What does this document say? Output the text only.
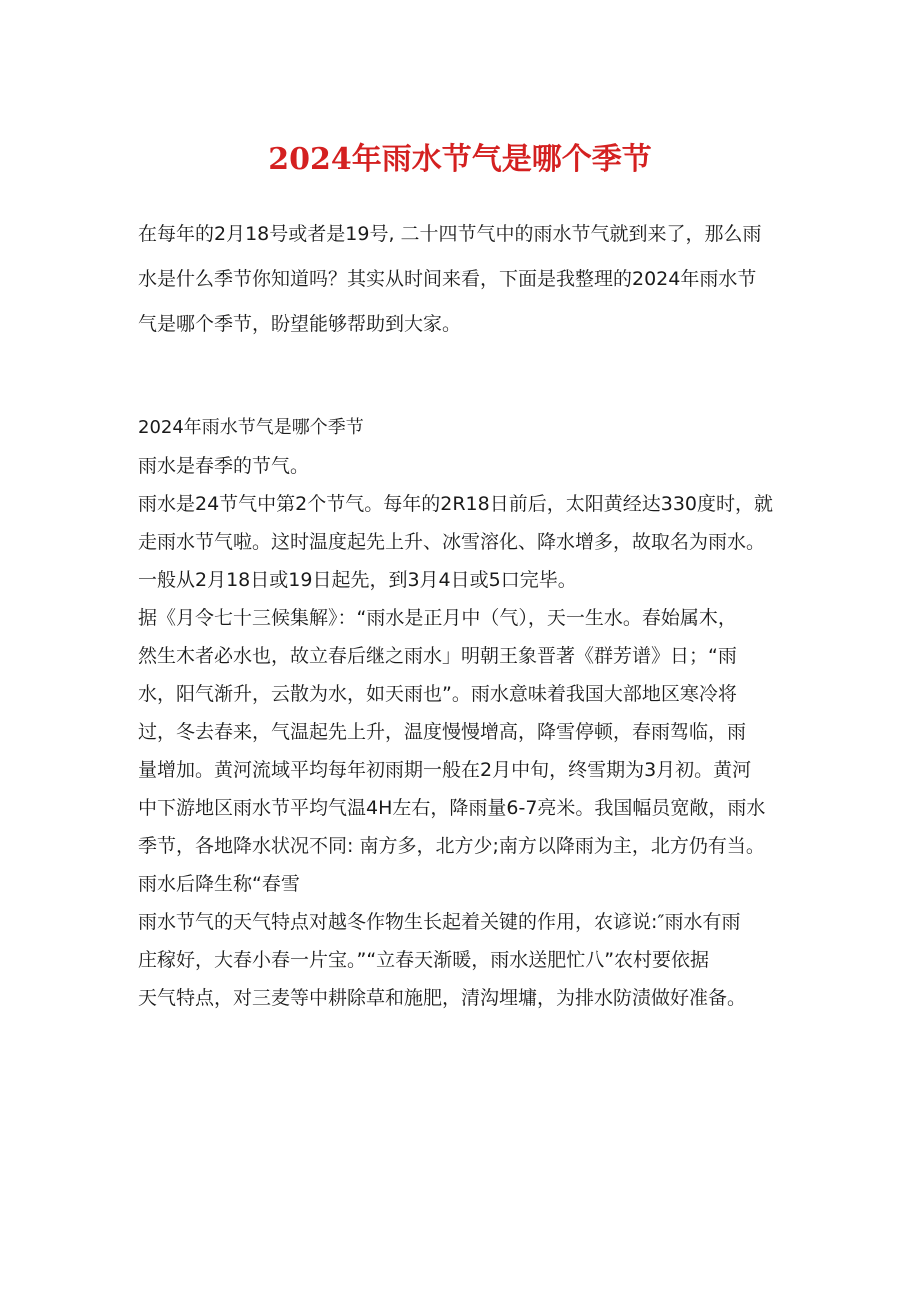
2024年雨水节气是哪个季节

在每年的2月18号或者是19号, 二十四节气中的雨水节气就到来了，那么雨

水是什么季节你知道吗？其实从时间来看，下面是我整理的2024年雨水节

气是哪个季节，盼望能够帮助到大家。

2024年雨水节气是哪个季节

雨水是春季的节气。

雨水是24节气中第2个节气。每年的2R18日前后，太阳黄经达330度时，就

走雨水节气啦。这时温度起先上升、冰雪溶化、降水增多，故取名为雨水。

一般从2月18日或19日起先，到3月4日或5口完毕。

据《月令七十三候集解》：“雨水是正月中（气），天一生水。春始属木，

然生木者必水也，故立春后继之雨水」明朝王象晋著《群芳谱》日；“雨

水，阳气渐升，云散为水，如天雨也”。雨水意味着我国大部地区寒冷将

过，冬去春来，气温起先上升，温度慢慢增高，降雪停顿，春雨驾临，雨

量增加。黄河流域平均每年初雨期一般在2月中旬，终雪期为3月初。黄河

中下游地区雨水节平均气温4H左右，降雨量6-7亮米。我国幅员宽敞，雨水

季节，各地降水状况不同: 南方多，北方少;南方以降雨为主，北方仍有当。

雨水后降生称“春雪

雨水节气的天气特点对越冬作物生长起着关键的作用，农谚说:″雨水有雨

庄稼好，大春小春一片宝。”“立春天渐暖，雨水送肥忙八”农村要依据

天气特点，对三麦等中耕除草和施肥，清沟埋墉，为排水防渍做好准备。
